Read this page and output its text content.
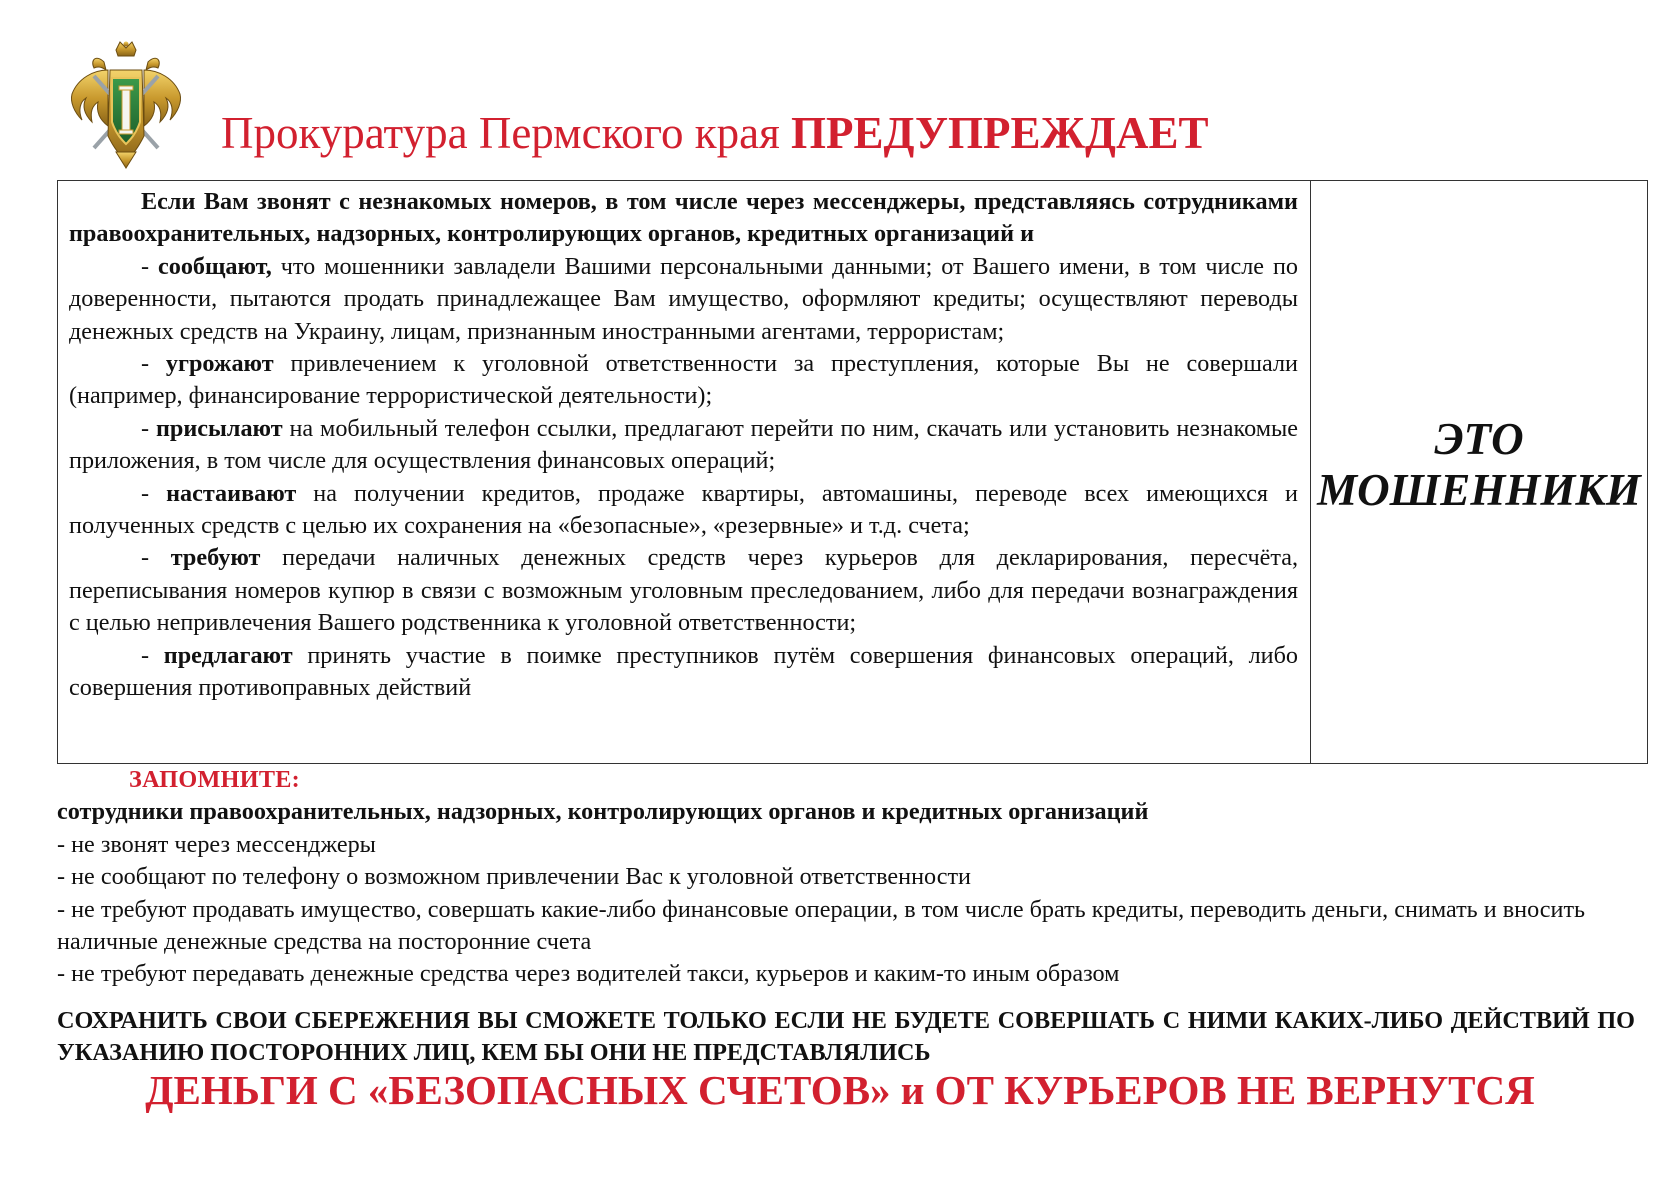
Прокуратура Пермского края ПРЕДУПРЕЖДАЕТ

Если Вам звонят с незнакомых номеров, в том числе через мессенджеры, представляясь сотрудниками правоохранительных, надзорных, контролирующих органов, кредитных организаций и

- сообщают, что мошенники завладели Вашими персональными данными; от Вашего имени, в том числе по доверенности, пытаются продать принадлежащее Вам имущество, оформляют кредиты; осуществляют переводы денежных средств на Украину, лицам, признанным иностранными агентами, террористам;

- угрожают привлечением к уголовной ответственности за преступления, которые Вы не совершали (например, финансирование террористической деятельности);

- присылают на мобильный телефон ссылки, предлагают перейти по ним, скачать или установить незнакомые приложения, в том числе для осуществления финансовых операций;

- настаивают на получении кредитов, продаже квартиры, автомашины, переводе всех имеющихся и полученных средств с целью их сохранения на «безопасные», «резервные» и т.д. счета;

- требуют передачи наличных денежных средств через курьеров для декларирования, пересчёта, переписывания номеров купюр в связи с возможным уголовным преследованием, либо для передачи вознаграждения с целью непривлечения Вашего родственника к уголовной ответственности;

- предлагают принять участие в поимке преступников путём совершения финансовых операций, либо совершения противоправных действий

ЭТО
МОШЕННИКИ
ЗАПОМНИТЕ:
сотрудники правоохранительных, надзорных, контролирующих органов и кредитных организаций

- не звонят через мессенджеры

- не сообщают по телефону о возможном привлечении Вас к уголовной ответственности

- не требуют продавать имущество, совершать какие-либо финансовые операции, в том числе брать кредиты, переводить деньги, снимать и вносить наличные денежные средства на посторонние счета

- не требуют передавать денежные средства через водителей такси, курьеров и каким-то иным образом

СОХРАНИТЬ СВОИ СБЕРЕЖЕНИЯ ВЫ СМОЖЕТЕ ТОЛЬКО ЕСЛИ НЕ БУДЕТЕ СОВЕРШАТЬ С НИМИ КАКИХ-ЛИБО ДЕЙСТВИЙ ПО УКАЗАНИЮ ПОСТОРОННИХ ЛИЦ, КЕМ БЫ ОНИ НЕ ПРЕДСТАВЛЯЛИСЬ
ДЕНЬГИ С «БЕЗОПАСНЫХ СЧЕТОВ» и ОТ КУРЬЕРОВ НЕ ВЕРНУТСЯ
